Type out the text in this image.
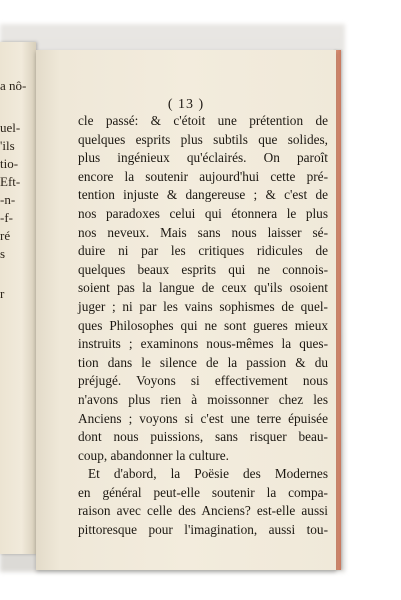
a nô-
uel-
'ils
tio-
Eft-
-n-
-f-
ré
s
r
( 13 )
cle passé: & c'étoit une prétention de
quelques esprits plus subtils que solides,
plus ingénieux qu'éclairés. On paroît
encore la soutenir aujourd'hui cette pré-
tention injuste & dangereuse ; & c'est de
nos paradoxes celui qui étonnera le plus
nos neveux. Mais sans nous laisser sé-
duire ni par les critiques ridicules de
quelques beaux esprits qui ne connois-
soient pas la langue de ceux qu'ils osoient
juger ; ni par les vains sophismes de quel-
ques Philosophes qui ne sont gueres mieux
instruits ; examinons nous-mêmes la ques-
tion dans le silence de la passion & du
préjugé. Voyons si effectivement nous
n'avons plus rien à moissonner chez les
Anciens ; voyons si c'est une terre épuisée
dont nous puissions, sans risquer beau-
coup, abandonner la culture.
Et d'abord, la Poësie des Modernes
en général peut-elle soutenir la compa-
raison avec celle des Anciens? est-elle aussi
pittoresque pour l'imagination, aussi tou-
